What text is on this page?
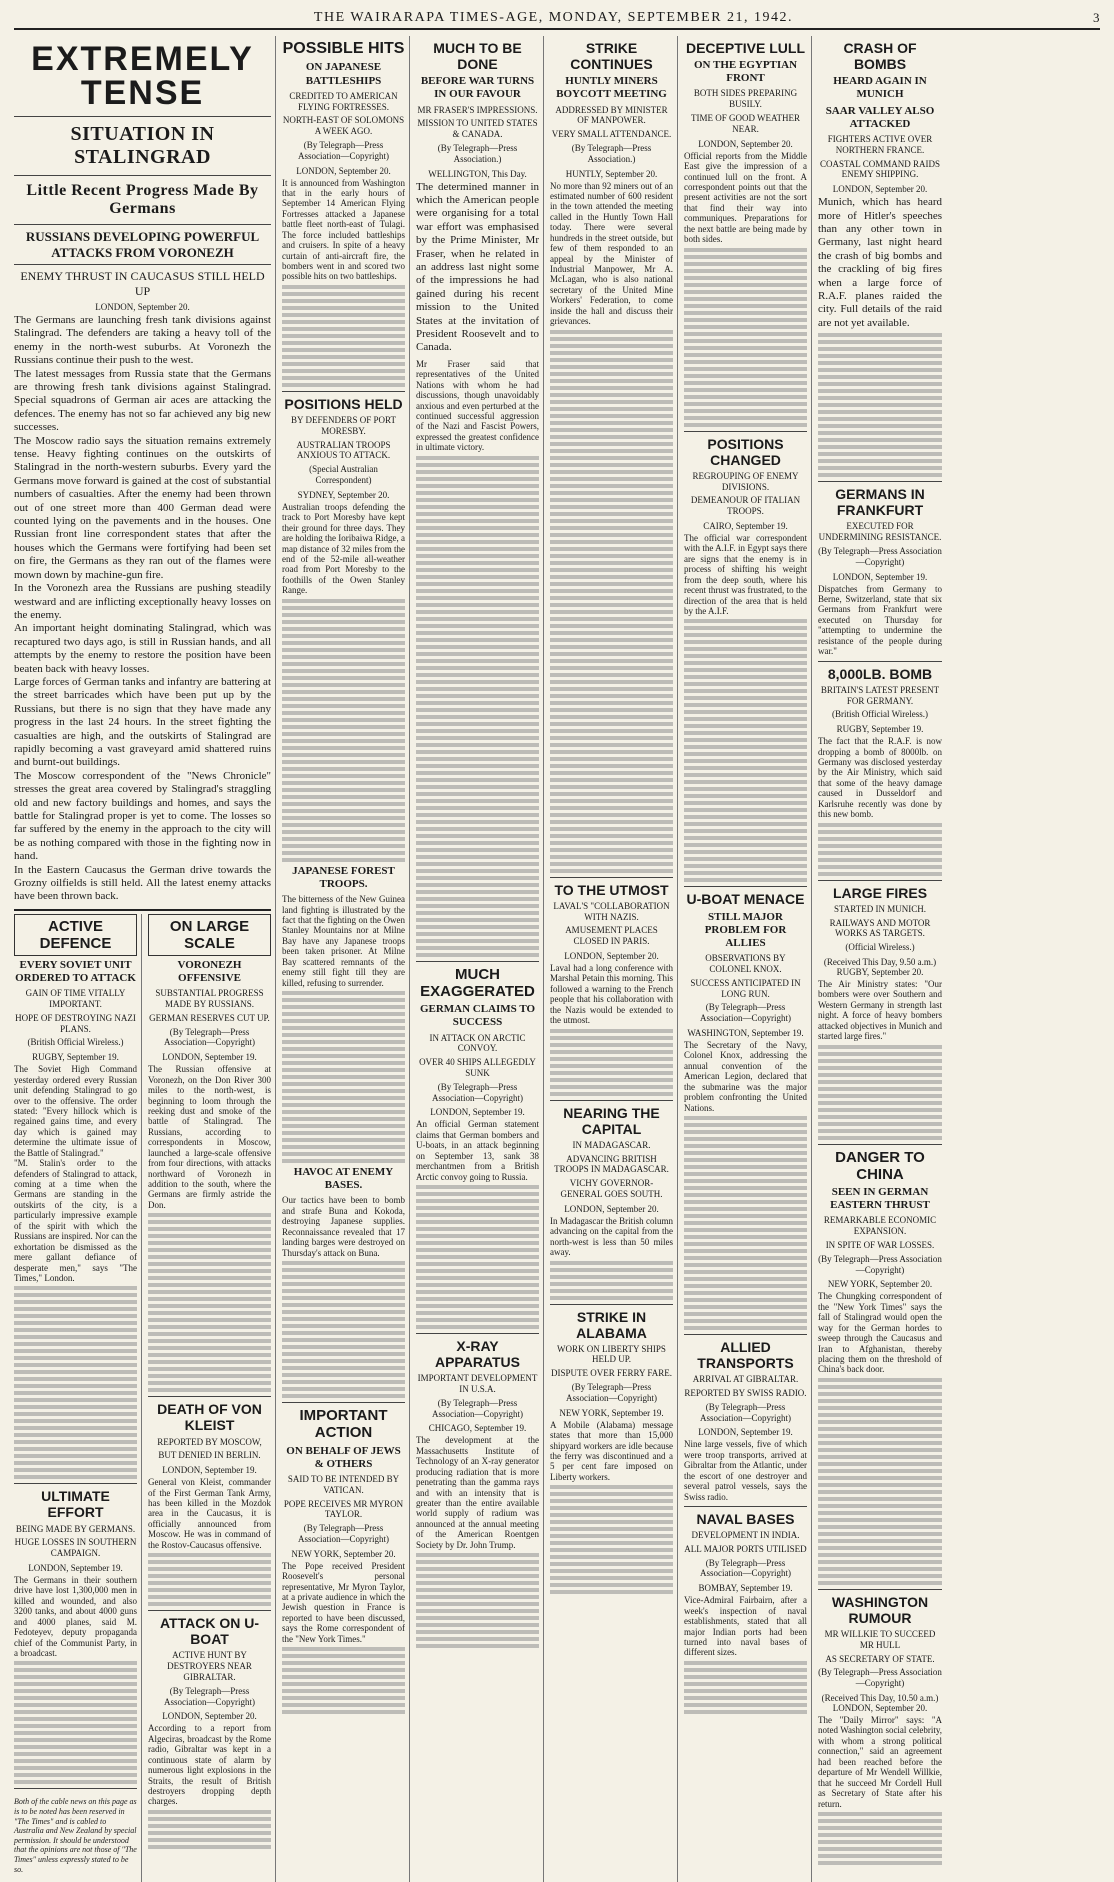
THE WAIRARAPA TIMES-AGE, MONDAY, SEPTEMBER 21, 1942.	3
EXTREMELY TENSE
SITUATION IN STALINGRAD
Little Recent Progress Made By Germans
RUSSIANS DEVELOPING POWERFUL ATTACKS FROM VORONEZH
ENEMY THRUST IN CAUCASUS STILL HELD UP
LONDON, September 20.

The Germans are launching fresh tank divisions against Stalingrad. The defenders are taking a heavy toll of the enemy in the north-west suburbs. At Voronezh the Russians continue their push to the west.
The latest messages from Russia state that the Germans are throwing fresh tank divisions against Stalingrad. Special squadrons of German air aces are attacking the defences. The enemy has not so far achieved any big new successes.
The Moscow radio says the situation remains extremely tense. Heavy fighting continues on the outskirts of Stalingrad in the north-western suburbs. Every yard the Germans move forward is gained at the cost of substantial numbers of casualties. After the enemy had been thrown out of one street more than 400 German dead were counted lying on the pavements and in the houses. One Russian front line correspondent states that after the houses which the Germans were fortifying had been set on fire, the Germans as they ran out of the flames were mown down by machine-gun fire.
In the Voronezh area the Russians are pushing steadily westward and are inflicting exceptionally heavy losses on the enemy.
An important height dominating Stalingrad, which was recaptured two days ago, is still in Russian hands, and all attempts by the enemy to restore the position have been beaten back with heavy losses.
Large forces of German tanks and infantry are battering at the street barricades which have been put up by the Russians, but there is no sign that they have made any progress in the last 24 hours. In the street fighting the casualties are high, and the outskirts of Stalingrad are rapidly becoming a vast graveyard amid shattered ruins and burnt-out buildings.
The Moscow correspondent of the "News Chronicle" stresses the great area covered by Stalingrad's straggling old and new factory buildings and homes, and says the battle for Stalingrad proper is yet to come. The losses so far suffered by the enemy in the approach to the city will be as nothing compared with those in the fighting now in hand.
In the Eastern Caucasus the German drive towards the Grozny oilfields is still held. All the latest enemy attacks have been thrown back.

ACTIVE DEFENCE
EVERY SOVIET UNIT ORDERED TO ATTACK
GAIN OF TIME VITALLY IMPORTANT.
HOPE OF DESTROYING NAZI PLANS.
(British Official Wireless.)
RUGBY, September 19.

The Soviet High Command yesterday ordered every Russian unit defending Stalingrad to go over to the offensive. The order stated: "Every hillock which is regained gains time, and every day which is gained may determine the ultimate issue of the Battle of Stalingrad."
"M. Stalin's order to the defenders of Stalingrad to attack, coming at a time when the Germans are standing in the outskirts of the city, is a particularly impressive example of the spirit with which the Russians are inspired. Nor can the exhortation be dismissed as the mere gallant defiance of desperate men," says "The Times," London.

ULTIMATE EFFORT
BEING MADE BY GERMANS.
HUGE LOSSES IN SOUTHERN CAMPAIGN.
LONDON, September 19.

The Germans in their southern drive have lost 1,300,000 men in killed and wounded, and also 3200 tanks, and about 4000 guns and 4000 planes, said M. Fedoteyev, deputy propaganda chief of the Communist Party, in a broadcast.

Both of the cable news on this page as is to be noted has been reserved in "The Times" and is cabled to Australia and New Zealand by special permission. It should be understood that the opinions are not those of "The Times" unless expressly stated to be so.

ON LARGE SCALE
VORONEZH OFFENSIVE
SUBSTANTIAL PROGRESS MADE BY RUSSIANS.
GERMAN RESERVES CUT UP.
(By Telegraph—Press Association—Copyright)
LONDON, September 19.

The Russian offensive at Voronezh, on the Don River 300 miles to the north-west, is beginning to loom through the reeking dust and smoke of the battle of Stalingrad. The Russians, according to correspondents in Moscow, launched a large-scale offensive from four directions, with attacks northward of Voronezh in addition to the south, where the Germans are firmly astride the Don.

DEATH OF VON KLEIST
REPORTED BY MOSCOW,
BUT DENIED IN BERLIN.
LONDON, September 19.

General von Kleist, commander of the First German Tank Army, has been killed in the Mozdok area in the Caucasus, it is officially announced from Moscow. He was in command of the Rostov-Caucasus offensive.

ATTACK ON U-BOAT
ACTIVE HUNT BY DESTROYERS NEAR GIBRALTAR.
(By Telegraph—Press Association—Copyright)
LONDON, September 20.

According to a report from Algeciras, broadcast by the Rome radio, Gibraltar was kept in a continuous state of alarm by numerous light explosions in the Straits, the result of British destroyers dropping depth charges.

POSSIBLE HITS
ON JAPANESE BATTLESHIPS
CREDITED TO AMERICAN FLYING FORTRESSES.
NORTH-EAST OF SOLOMONS A WEEK AGO.
(By Telegraph—Press Association—Copyright)
LONDON, September 20.

It is announced from Washington that in the early hours of September 14 American Flying Fortresses attacked a Japanese battle fleet north-east of Tulagi. The force included battleships and cruisers. In spite of a heavy curtain of anti-aircraft fire, the bombers went in and scored two possible hits on two battleships.

POSITIONS HELD
BY DEFENDERS OF PORT MORESBY.
AUSTRALIAN TROOPS ANXIOUS TO ATTACK.
(Special Australian Correspondent)
SYDNEY, September 20.

Australian troops defending the track to Port Moresby have kept their ground for three days. They are holding the Ioribaiwa Ridge, a map distance of 32 miles from the end of the 52-mile all-weather road from Port Moresby to the foothills of the Owen Stanley Range.

JAPANESE FOREST TROOPS.

The bitterness of the New Guinea land fighting is illustrated by the fact that the fighting on the Owen Stanley Mountains nor at Milne Bay have any Japanese troops been taken prisoner. At Milne Bay scattered remnants of the enemy still fight till they are killed, refusing to surrender.

HAVOC AT ENEMY BASES.

Our tactics have been to bomb and strafe Buna and Kokoda, destroying Japanese supplies. Reconnaissance revealed that 17 landing barges were destroyed on Thursday's attack on Buna.

IMPORTANT ACTION
ON BEHALF OF JEWS & OTHERS
SAID TO BE INTENDED BY VATICAN.
POPE RECEIVES MR MYRON TAYLOR.
(By Telegraph—Press Association—Copyright)
NEW YORK, September 20.

The Pope received President Roosevelt's personal representative, Mr Myron Taylor, at a private audience in which the Jewish question in France is reported to have been discussed, says the Rome correspondent of the "New York Times."

MUCH TO BE DONE
BEFORE WAR TURNS IN OUR FAVOUR
MR FRASER'S IMPRESSIONS.
MISSION TO UNITED STATES & CANADA.
(By Telegraph—Press Association.)
WELLINGTON, This Day.

The determined manner in which the American people were organising for a total war effort was emphasised by the Prime Minister, Mr Fraser, when he related in an address last night some of the impressions he had gained during his recent mission to the United States at the invitation of President Roosevelt and to Canada.

Mr Fraser said that representatives of the United Nations with whom he had discussions, though unavoidably anxious and even perturbed at the continued successful aggression of the Nazi and Fascist Powers, expressed the greatest confidence in ultimate victory.

MUCH EXAGGERATED
GERMAN CLAIMS TO SUCCESS
IN ATTACK ON ARCTIC CONVOY.
OVER 40 SHIPS ALLEGEDLY SUNK
(By Telegraph—Press Association—Copyright)
LONDON, September 19.

An official German statement claims that German bombers and U-boats, in an attack beginning on September 13, sank 38 merchantmen from a British Arctic convoy going to Russia.

X-RAY APPARATUS
IMPORTANT DEVELOPMENT IN U.S.A.
(By Telegraph—Press Association—Copyright)
CHICAGO, September 19.

The development at the Massachusetts Institute of Technology of an X-ray generator producing radiation that is more penetrating than the gamma rays and with an intensity that is greater than the entire available world supply of radium was announced at the annual meeting of the American Roentgen Society by Dr. John Trump.

STRIKE CONTINUES
HUNTLY MINERS BOYCOTT MEETING
ADDRESSED BY MINISTER OF MANPOWER.
VERY SMALL ATTENDANCE.
(By Telegraph—Press Association.)
HUNTLY, September 20.

No more than 92 miners out of an estimated number of 600 resident in the town attended the meeting called in the Huntly Town Hall today. There were several hundreds in the street outside, but few of them responded to an appeal by the Minister of Industrial Manpower, Mr A. McLagan, who is also national secretary of the United Mine Workers' Federation, to come inside the hall and discuss their grievances.

TO THE UTMOST
LAVAL'S "COLLABORATION WITH NAZIS.
AMUSEMENT PLACES CLOSED IN PARIS.
LONDON, September 20.

Laval had a long conference with Marshal Petain this morning. This followed a warning to the French people that his collaboration with the Nazis would be extended to the utmost.

NEARING THE CAPITAL
IN MADAGASCAR.
ADVANCING BRITISH TROOPS IN MADAGASCAR.
VICHY GOVERNOR-GENERAL GOES SOUTH.
LONDON, September 20.

In Madagascar the British column advancing on the capital from the north-west is less than 50 miles away.

STRIKE IN ALABAMA
WORK ON LIBERTY SHIPS HELD UP.
DISPUTE OVER FERRY FARE.
(By Telegraph—Press Association—Copyright)
NEW YORK, September 19.

A Mobile (Alabama) message states that more than 15,000 shipyard workers are idle because the ferry was discontinued and a 5 per cent fare imposed on Liberty workers.

DECEPTIVE LULL
ON THE EGYPTIAN FRONT
BOTH SIDES PREPARING BUSILY.
TIME OF GOOD WEATHER NEAR.
LONDON, September 20.

Official reports from the Middle East give the impression of a continued lull on the front. A correspondent points out that the present activities are not the sort that find their way into communiques. Preparations for the next battle are being made by both sides.

POSITIONS CHANGED
REGROUPING OF ENEMY DIVISIONS.
DEMEANOUR OF ITALIAN TROOPS.
CAIRO, September 19.

The official war correspondent with the A.I.F. in Egypt says there are signs that the enemy is in process of shifting his weight from the deep south, where his recent thrust was frustrated, to the direction of the area that is held by the A.I.F.

U-BOAT MENACE
STILL MAJOR PROBLEM FOR ALLIES
OBSERVATIONS BY COLONEL KNOX.
SUCCESS ANTICIPATED IN LONG RUN.
(By Telegraph—Press Association—Copyright)
WASHINGTON, September 19.

The Secretary of the Navy, Colonel Knox, addressing the annual convention of the American Legion, declared that the submarine was the major problem confronting the United Nations.

ALLIED TRANSPORTS
ARRIVAL AT GIBRALTAR.
REPORTED BY SWISS RADIO.
(By Telegraph—Press Association—Copyright)
LONDON, September 19.

Nine large vessels, five of which were troop transports, arrived at Gibraltar from the Atlantic, under the escort of one destroyer and several patrol vessels, says the Swiss radio.

NAVAL BASES
DEVELOPMENT IN INDIA.
ALL MAJOR PORTS UTILISED
(By Telegraph—Press Association—Copyright)
BOMBAY, September 19.

Vice-Admiral Fairbairn, after a week's inspection of naval establishments, stated that all major Indian ports had been turned into naval bases of different sizes.

CRASH OF BOMBS
HEARD AGAIN IN MUNICH
SAAR VALLEY ALSO ATTACKED
FIGHTERS ACTIVE OVER NORTHERN FRANCE.
COASTAL COMMAND RAIDS ENEMY SHIPPING.
LONDON, September 20.

Munich, which has heard more of Hitler's speeches than any other town in Germany, last night heard the crash of big bombs and the crackling of big fires when a large force of R.A.F. planes raided the city. Full details of the raid are not yet available.

GERMANS IN FRANKFURT
EXECUTED FOR UNDERMINING RESISTANCE.
(By Telegraph—Press Association—Copyright)
LONDON, September 19.

Dispatches from Germany to Berne, Switzerland, state that six Germans from Frankfurt were executed on Thursday for "attempting to undermine the resistance of the people during war."

8,000LB. BOMB
BRITAIN'S LATEST PRESENT FOR GERMANY.
(British Official Wireless.)
RUGBY, September 19.

The fact that the R.A.F. is now dropping a bomb of 8000lb. on Germany was disclosed yesterday by the Air Ministry, which said that some of the heavy damage caused in Dusseldorf and Karlsruhe recently was done by this new bomb.

LARGE FIRES
STARTED IN MUNICH.
RAILWAYS AND MOTOR WORKS AS TARGETS.
(Official Wireless.)
(Received This Day, 9.50 a.m.) RUGBY, September 20.

The Air Ministry states: "Our bombers were over Southern and Western Germany in strength last night. A force of heavy bombers attacked objectives in Munich and started large fires."

DANGER TO CHINA
SEEN IN GERMAN EASTERN THRUST
REMARKABLE ECONOMIC EXPANSION.
IN SPITE OF WAR LOSSES.
(By Telegraph—Press Association—Copyright)
NEW YORK, September 20.

The Chungking correspondent of the "New York Times" says the fall of Stalingrad would open the way for the German hordes to sweep through the Caucasus and Iran to Afghanistan, thereby placing them on the threshold of China's back door.

WASHINGTON RUMOUR
MR WILLKIE TO SUCCEED MR HULL
AS SECRETARY OF STATE.
(By Telegraph—Press Association—Copyright)
(Received This Day, 10.50 a.m.) LONDON, September 20.

The "Daily Mirror" says: "A noted Washington social celebrity, with whom a strong political connection," said an agreement had been reached before the departure of Mr Wendell Willkie, that he succeed Mr Cordell Hull as Secretary of State after his return.
